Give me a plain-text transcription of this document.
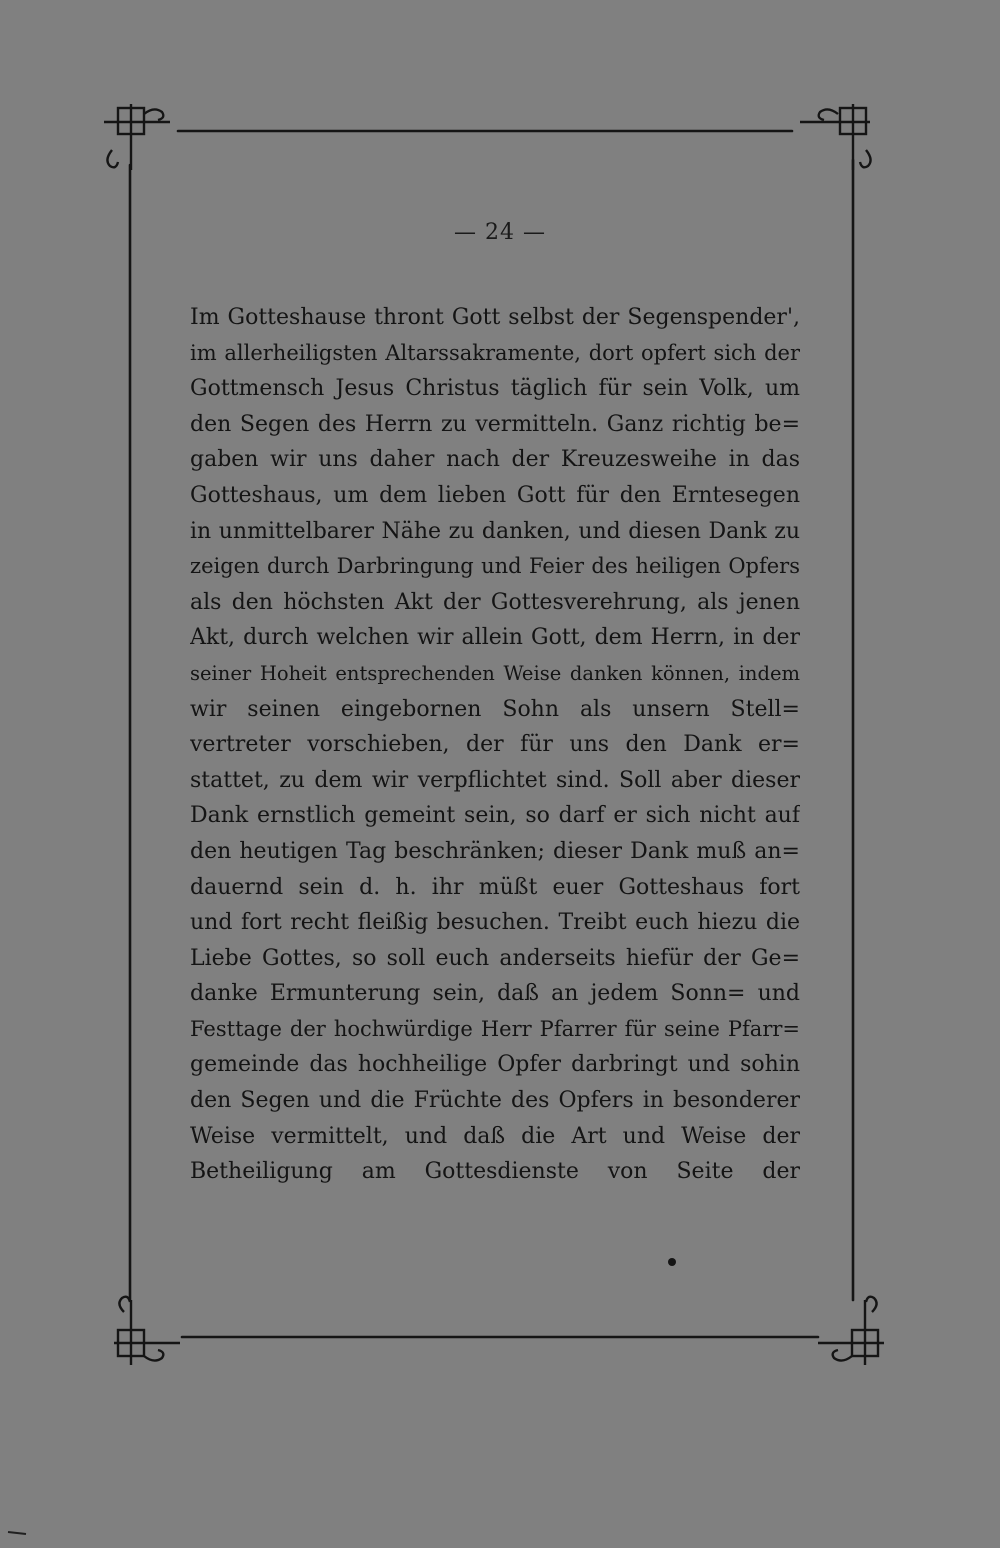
— 24 —
Im Gotteshause thront Gott selbst der Segenspender',
im allerheiligsten Altarssakramente, dort opfert sich der
Gottmensch Jesus Christus täglich für sein Volk, um
den Segen des Herrn zu vermitteln. Ganz richtig be=
gaben wir uns daher nach der Kreuzesweihe in das
Gotteshaus, um dem lieben Gott für den Erntesegen
in unmittelbarer Nähe zu danken, und diesen Dank zu
zeigen durch Darbringung und Feier des heiligen Opfers
als den höchsten Akt der Gottesverehrung, als jenen
Akt, durch welchen wir allein Gott, dem Herrn, in der
seiner Hoheit entsprechenden Weise danken können, indem
wir seinen eingebornen Sohn als unsern Stell=
vertreter vorschieben, der für uns den Dank er=
stattet, zu dem wir verpflichtet sind. Soll aber dieser
Dank ernstlich gemeint sein, so darf er sich nicht auf
den heutigen Tag beschränken; dieser Dank muß an=
dauernd sein d. h. ihr müßt euer Gotteshaus fort
und fort recht fleißig besuchen. Treibt euch hiezu die
Liebe Gottes, so soll euch anderseits hiefür der Ge=
danke Ermunterung sein, daß an jedem Sonn= und
Festtage der hochwürdige Herr Pfarrer für seine Pfarr=
gemeinde das hochheilige Opfer darbringt und sohin
den Segen und die Früchte des Opfers in besonderer
Weise vermittelt, und daß die Art und Weise der
Betheiligung am Gottesdienste von Seite der
